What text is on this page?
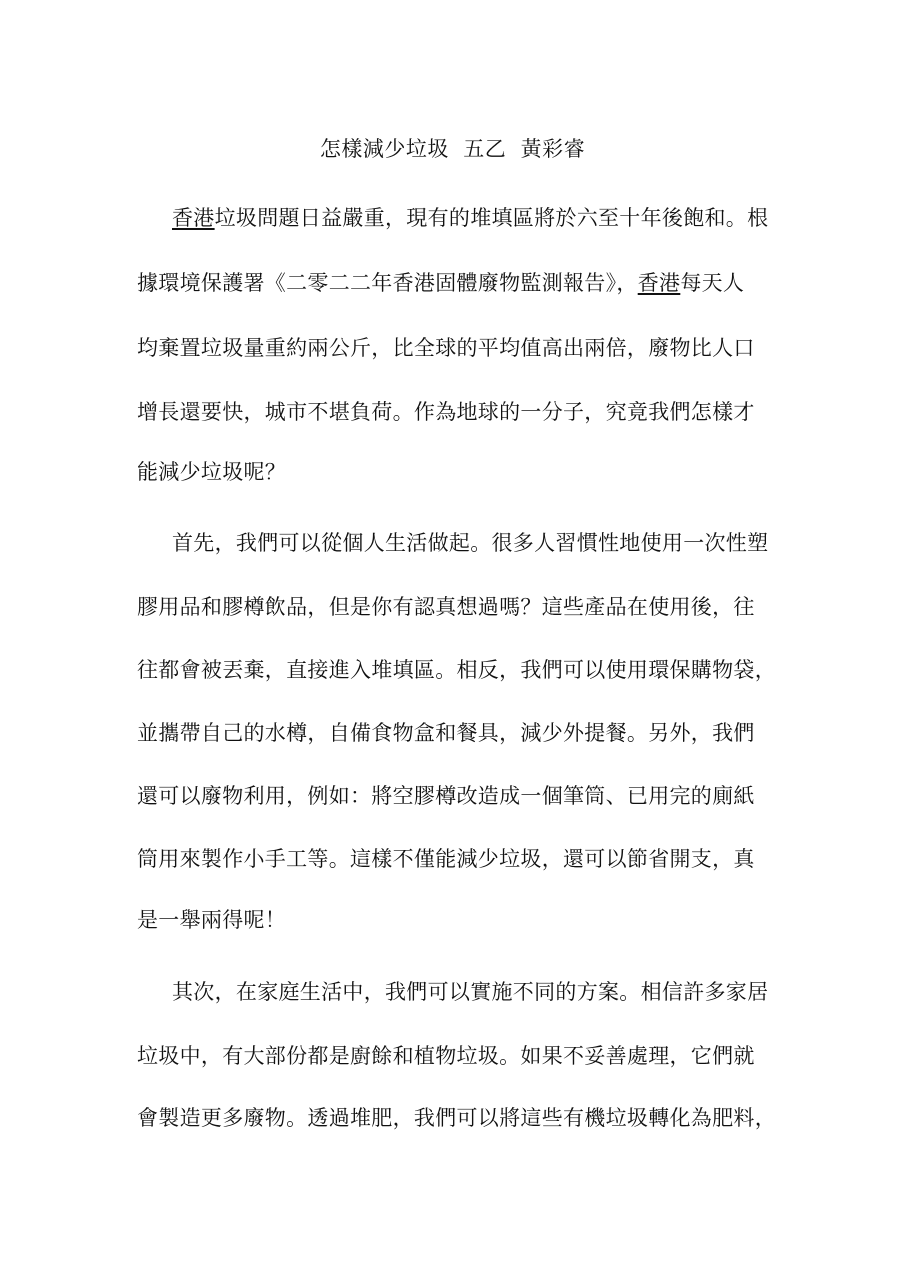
怎樣減少垃圾  五乙  黃彩睿
香港垃圾問題日益嚴重，現有的堆填區將於六至十年後飽和。根
據環境保護署《二零二二年香港固體廢物監測報告》，香港每天人
均棄置垃圾量重約兩公斤，比全球的平均值高出兩倍，廢物比人口
增長還要快，城市不堪負荷。作為地球的一分子，究竟我們怎樣才
能減少垃圾呢？
首先，我們可以從個人生活做起。很多人習慣性地使用一次性塑
膠用品和膠樽飲品，但是你有認真想過嗎？這些產品在使用後，往
往都會被丟棄，直接進入堆填區。相反，我們可以使用環保購物袋，
並攜帶自己的水樽，自備食物盒和餐具，減少外提餐。另外，我們
還可以廢物利用，例如：將空膠樽改造成一個筆筒、已用完的廁紙
筒用來製作小手工等。這樣不僅能減少垃圾，還可以節省開支，真
是一舉兩得呢！
其次，在家庭生活中，我們可以實施不同的方案。相信許多家居
垃圾中，有大部份都是廚餘和植物垃圾。如果不妥善處理，它們就
會製造更多廢物。透過堆肥，我們可以將這些有機垃圾轉化為肥料，
